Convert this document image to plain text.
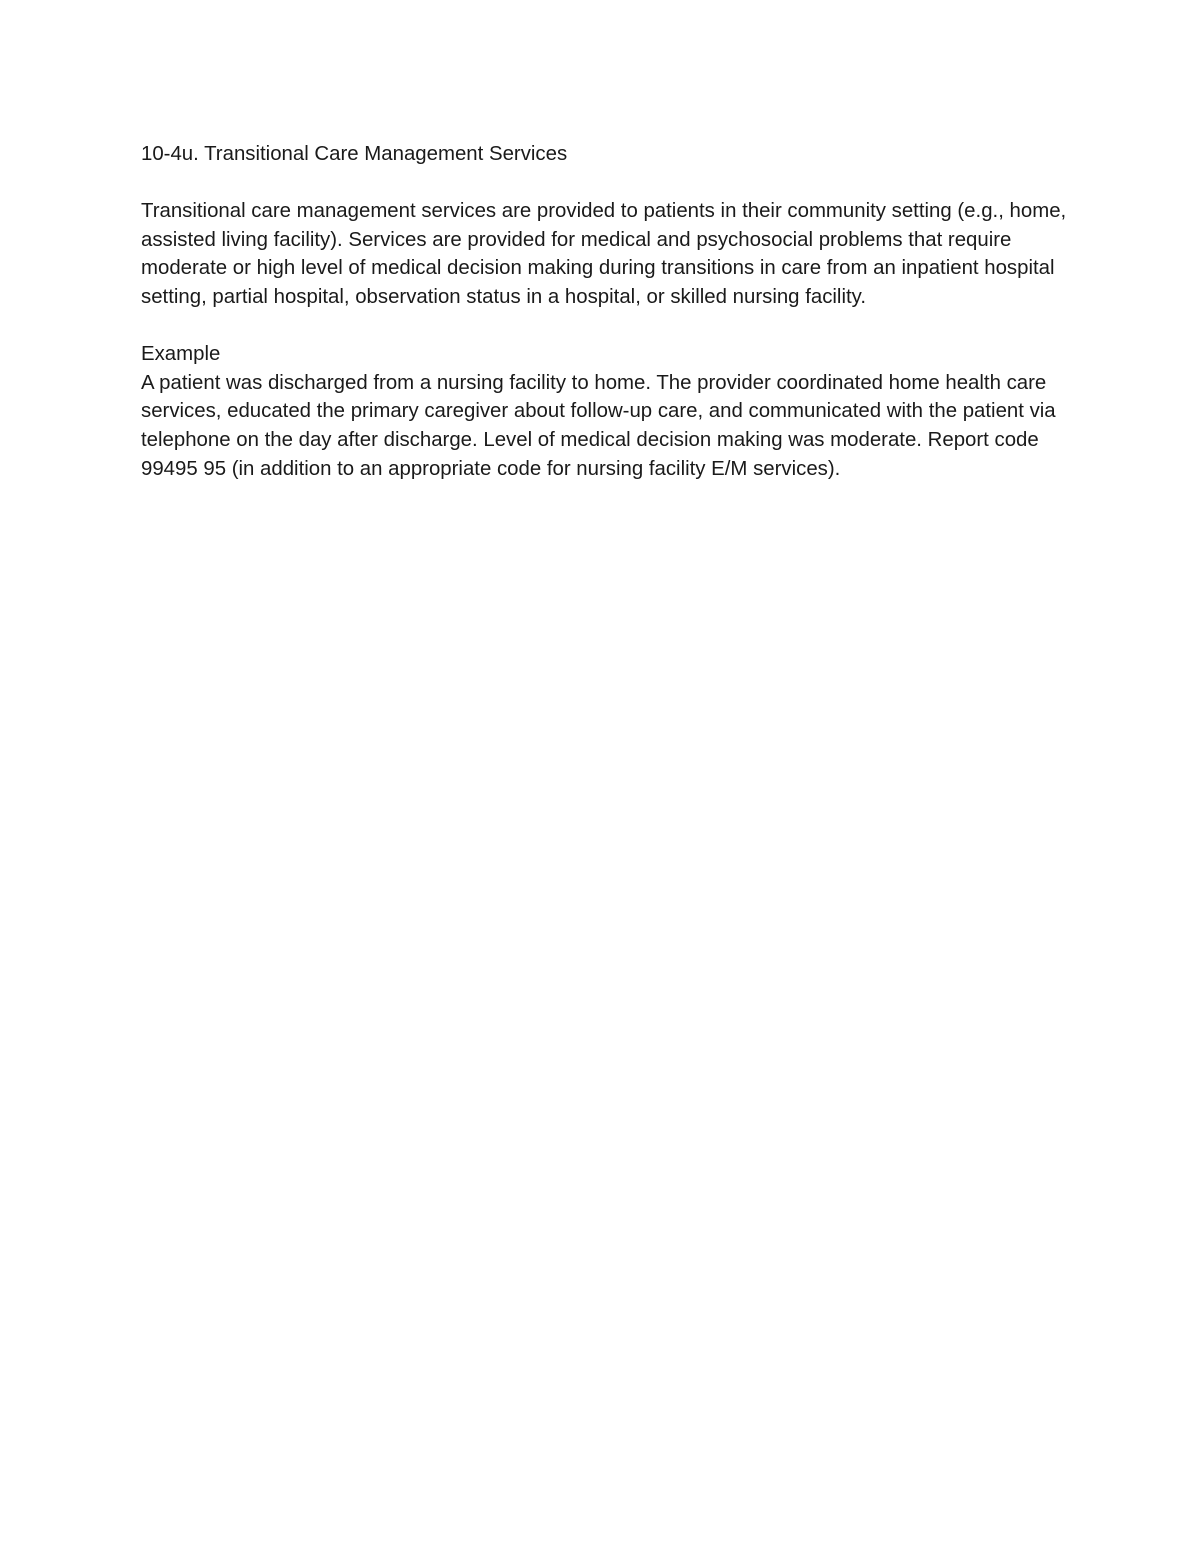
10-4u. Transitional Care Management Services

Transitional care management services are provided to patients in their community setting (e.g., home, assisted living facility). Services are provided for medical and psychosocial problems that require moderate or high level of medical decision making during transitions in care from an inpatient hospital setting, partial hospital, observation status in a hospital, or skilled nursing facility.

Example

A patient was discharged from a nursing facility to home. The provider coordinated home health care services, educated the primary caregiver about follow-up care, and communicated with the patient via telephone on the day after discharge. Level of medical decision making was moderate. Report code 99495 95 (in addition to an appropriate code for nursing facility E/M services).
